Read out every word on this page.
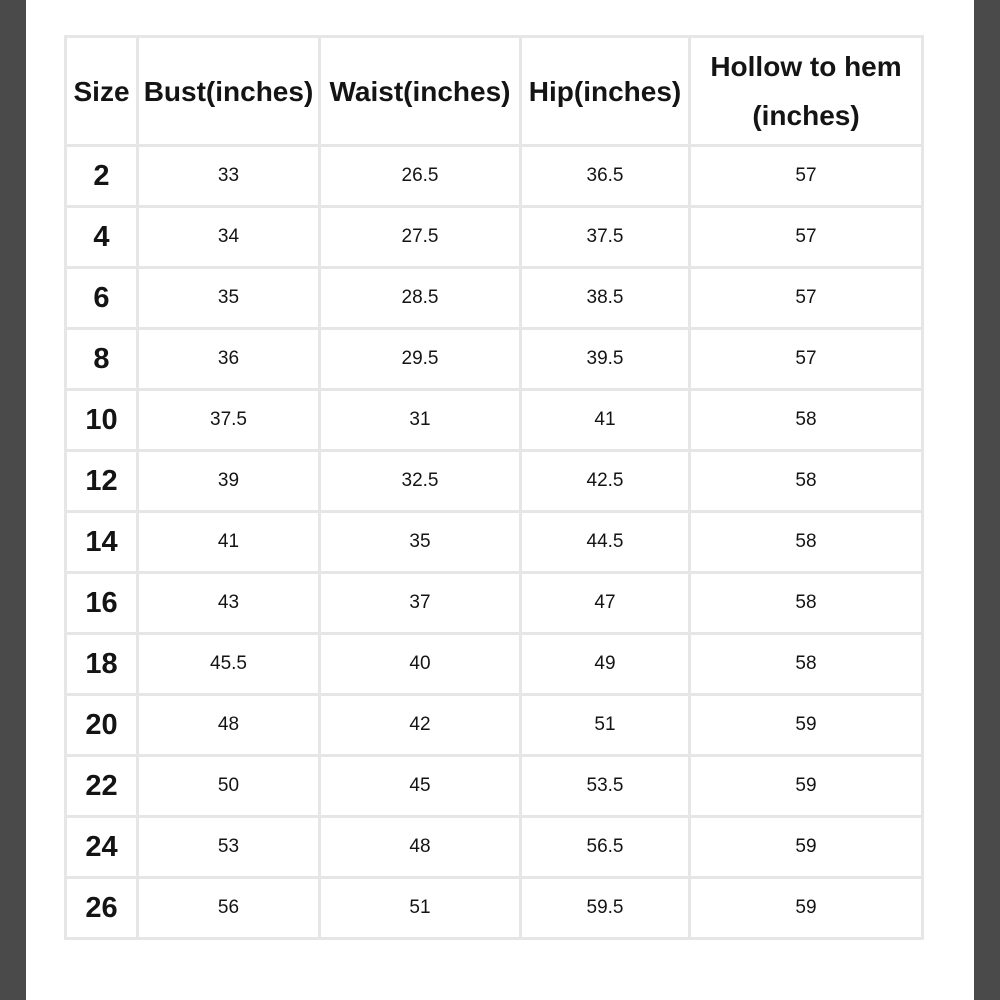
Size	Bust(inches)	Waist(inches)	Hip(inches)	Hollow to hem
(inches)

2	33	26.5	36.5	57
4	34	27.5	37.5	57
6	35	28.5	38.5	57
8	36	29.5	39.5	57
10	37.5	31	41	58
12	39	32.5	42.5	58
14	41	35	44.5	58
16	43	37	47	58
18	45.5	40	49	58
20	48	42	51	59
22	50	45	53.5	59
24	53	48	56.5	59
26	56	51	59.5	59
